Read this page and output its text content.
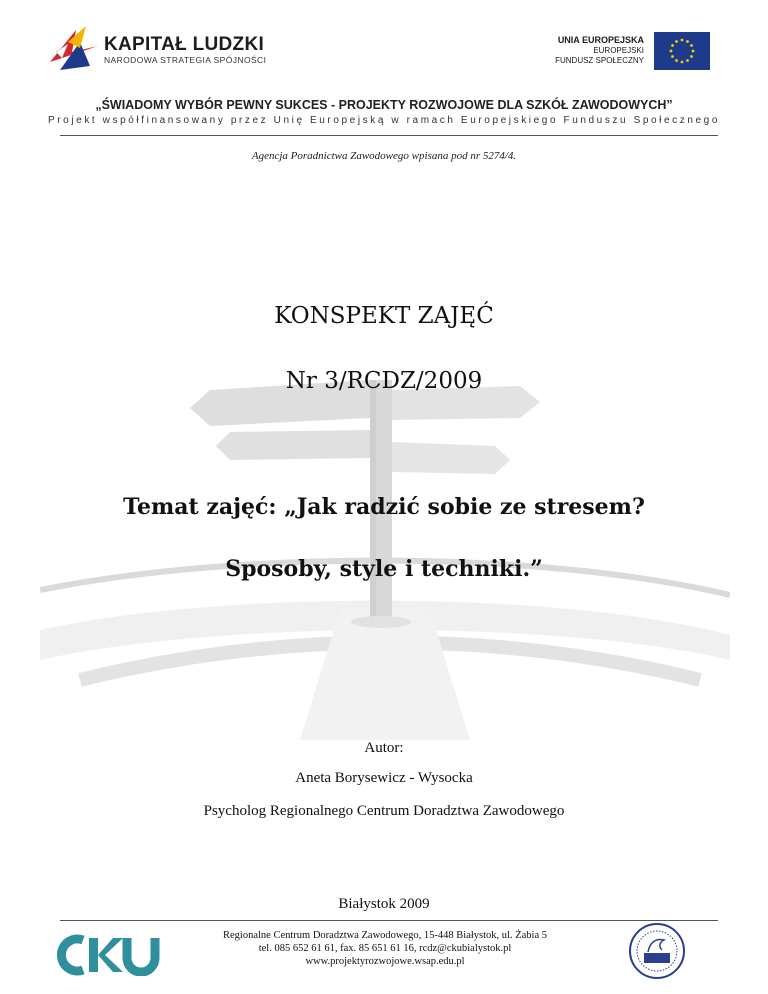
KAPITAŁ LUDZKI
NARODOWA STRATEGIA SPÓJNOŚCI
UNIA EUROPEJSKA
EUROPEJSKI
FUNDUSZ SPOŁECZNY
„ŚWIADOMY WYBÓR PEWNY SUKCES - PROJEKTY ROZWOJOWE DLA SZKÓŁ ZAWODOWYCH”
Projekt współfinansowany przez Unię Europejską w ramach Europejskiego Funduszu Społecznego
Agencja Poradnictwa Zawodowego wpisana pod nr 5274/4.
KONSPEKT ZAJĘĆ
Nr 3/RCDZ/2009
Temat zajęć: „Jak radzić sobie ze stresem?
Sposoby, style i techniki.”
Autor:
Aneta Borysewicz - Wysocka
Psycholog Regionalnego Centrum Doradztwa Zawodowego
Białystok 2009
Regionalne Centrum Doradztwa Zawodowego, 15-448 Białystok, ul. Żabia 5
tel. 085 652 61 61, fax. 85 651 61 16, rcdz@ckubialystok.pl
www.projektyrozwojowe.wsap.edu.pl
